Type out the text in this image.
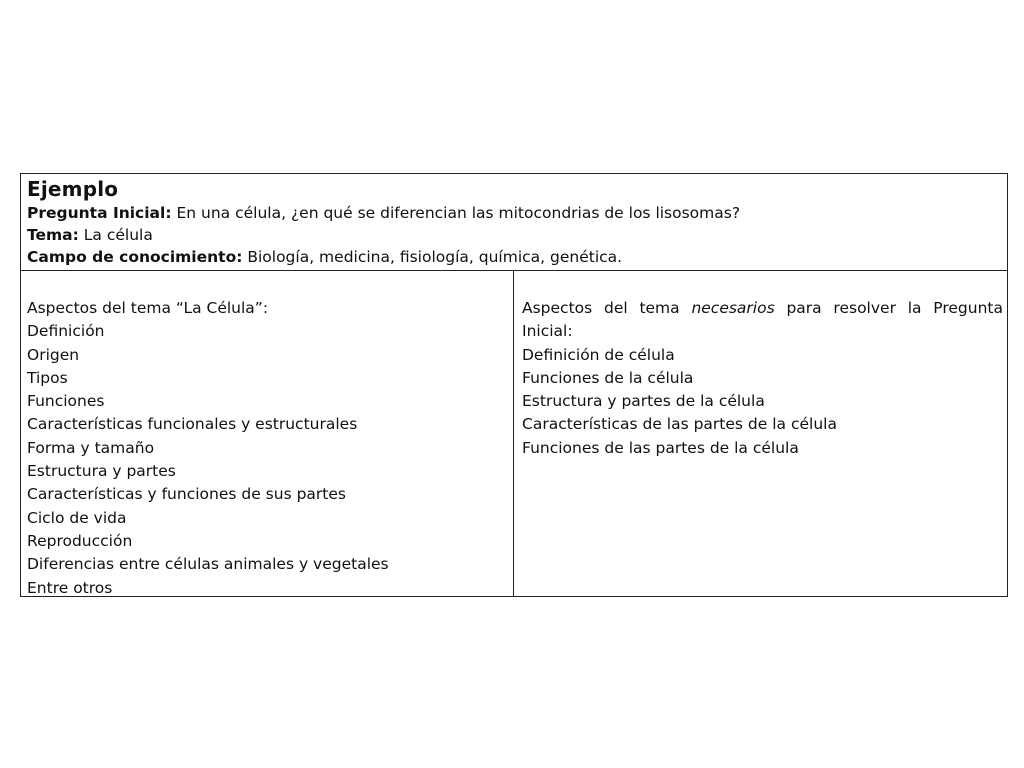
Ejemplo
Pregunta Inicial: En una célula, ¿en qué se diferencian las mitocondrias de los lisosomas?
Tema: La célula
Campo de conocimiento: Biología, medicina, fisiología, química, genética.
Aspectos del tema “La Célula”:
Definición
Origen
Tipos
Funciones
Características funcionales y estructurales
Forma y tamaño
Estructura y partes
Características y funciones de sus partes
Ciclo de vida
Reproducción
Diferencias entre células animales y vegetales
Entre otros
Aspectos del tema necesarios para resolver la Pregunta
Inicial:
Definición de célula
Funciones de la célula
Estructura y partes de la célula
Características de las partes de la célula
Funciones de las partes de la célula
